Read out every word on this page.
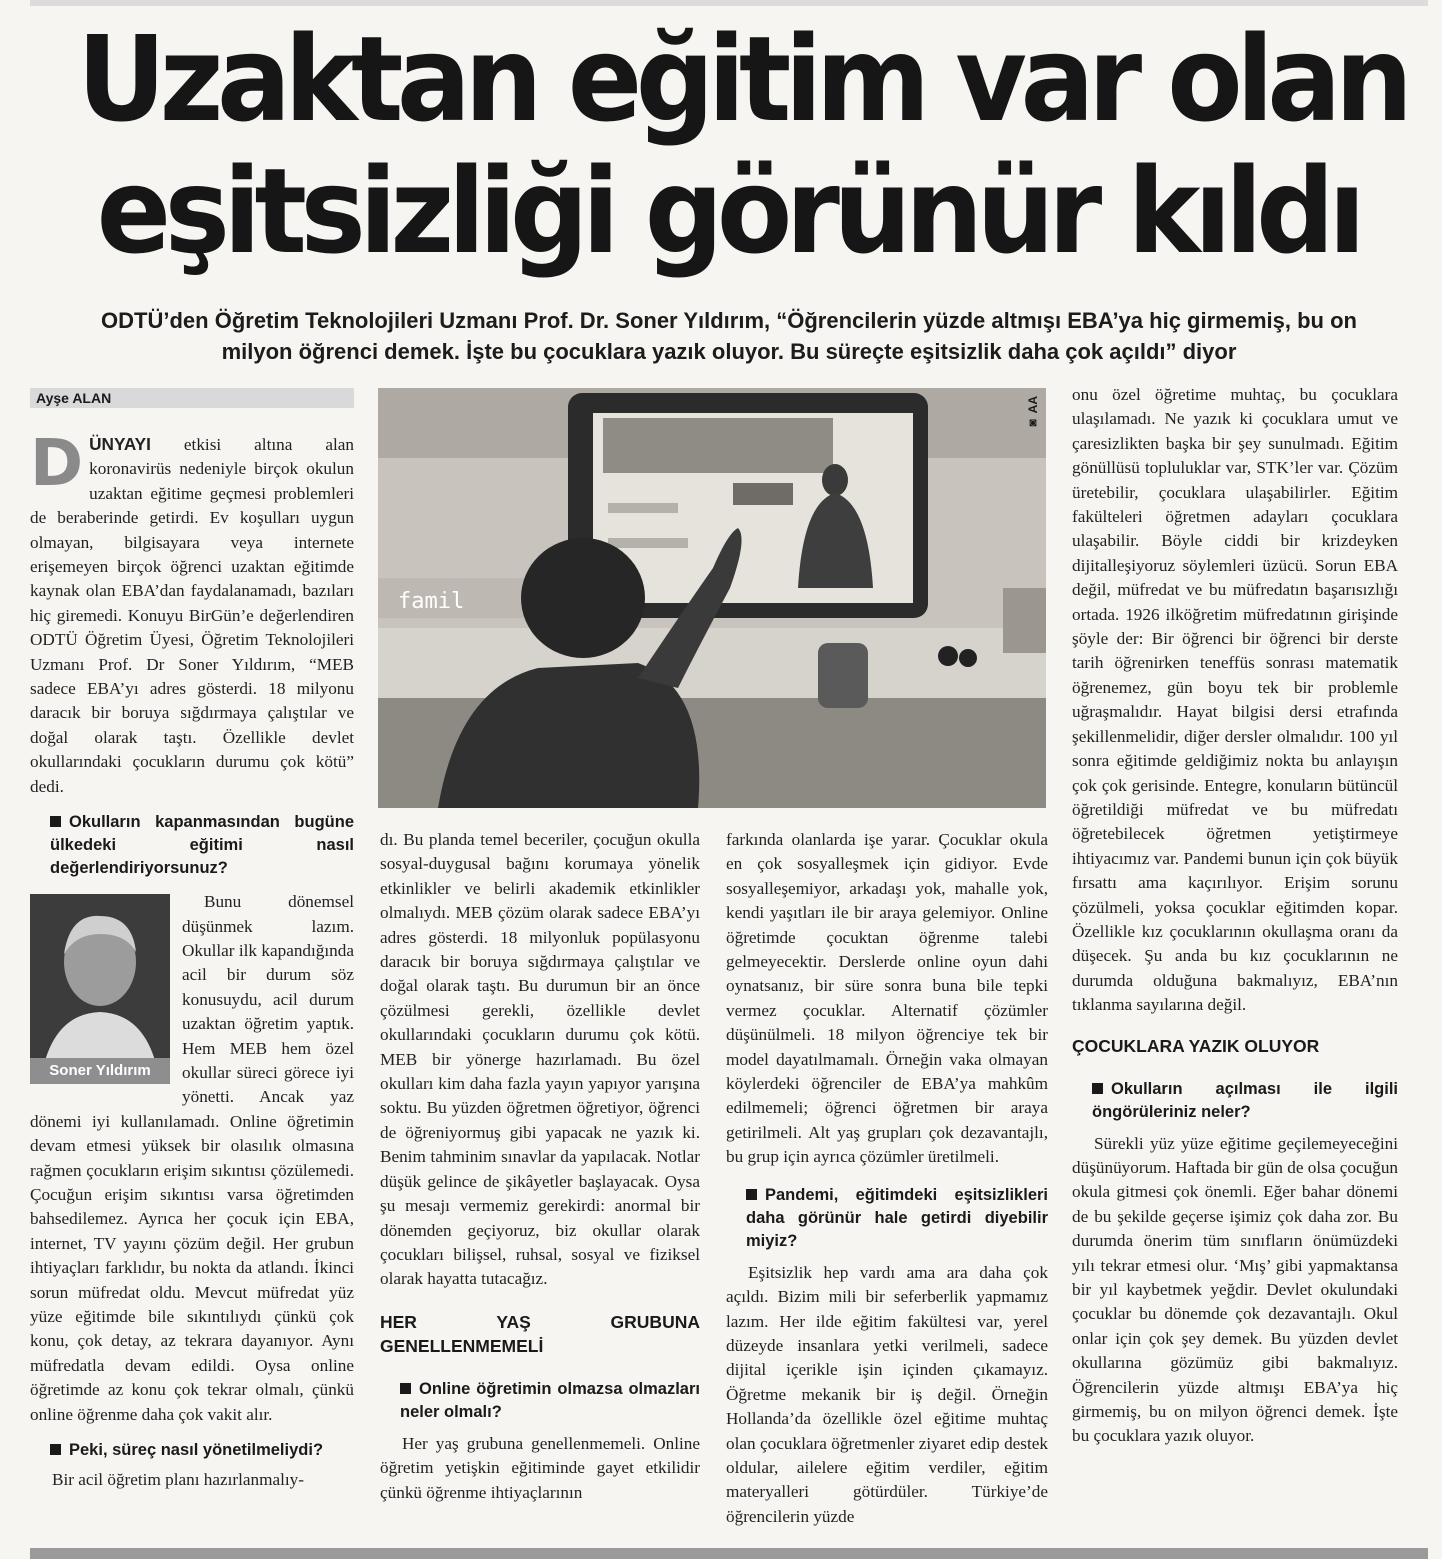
Uzaktan eğitim var olan
eşitsizliği görünür kıldı
ODTÜ’den Öğretim Teknolojileri Uzmanı Prof. Dr. Soner Yıldırım, “Öğrencilerin yüzde altmışı EBA’ya hiç girmemiş, bu on
milyon öğrenci demek. İşte bu çocuklara yazık oluyor. Bu süreçte eşitsizlik daha çok açıldı” diyor
Ayşe ALAN
famil
◙ AA

DÜNYAYI etkisi altına alan koronavirüs nedeniyle birçok okulun uzaktan eğitime geçmesi problemleri de beraberinde getirdi. Ev koşulları uygun olmayan, bilgisayara veya internete erişemeyen birçok öğrenci uzaktan eğitimde kaynak olan EBA’dan faydalanamadı, bazıları hiç giremedi. Konuyu BirGün’e değerlendiren ODTÜ Öğretim Üyesi, Öğretim Teknolojileri Uzmanı Prof. Dr Soner Yıldırım, “MEB sadece EBA’yı adres gösterdi. 18 milyonu daracık bir boruya sığdırmaya çalıştılar ve doğal olarak taştı. Özellikle devlet okullarındaki çocukların durumu çok kötü” dedi.

Okulların kapanmasından bugüne ülkedeki eğitimi nasıl değerlendiriyorsunuz?

Soner Yıldırım

Bunu dönemsel düşünmek lazım. Okullar ilk kapandığında acil bir durum söz konusuydu, acil durum uzaktan öğretim yaptık. Hem MEB hem özel okullar süreci görece iyi yönetti. Ancak yaz dönemi iyi kullanılamadı. Online öğretimin devam etmesi yüksek bir olasılık olmasına rağmen çocukların erişim sıkıntısı çözülemedi. Çocuğun erişim sıkıntısı varsa öğretimden bahsedilemez. Ayrıca her çocuk için EBA, internet, TV yayını çözüm değil. Her grubun ihtiyaçları farklıdır, bu nokta da atlandı. İkinci sorun müfredat oldu. Mevcut müfredat yüz yüze eğitimde bile sıkıntılıydı çünkü çok konu, çok detay, az tekrara dayanıyor. Aynı müfredatla devam edildi. Oysa online öğretimde az konu çok tekrar olmalı, çünkü online öğrenme daha çok vakit alır.

Peki, süreç nasıl yönetilmeliydi?

Bir acil öğretim planı hazırlanmalıy-

dı. Bu planda temel beceriler, çocuğun okulla sosyal-duygusal bağını korumaya yönelik etkinlikler ve belirli akademik etkinlikler olmalıydı. MEB çözüm olarak sadece EBA’yı adres gösterdi. 18 milyonluk popülasyonu daracık bir boruya sığdırmaya çalıştılar ve doğal olarak taştı. Bu durumun bir an önce çözülmesi gerekli, özellikle devlet okullarındaki çocukların durumu çok kötü. MEB bir yönerge hazırlamadı. Bu özel okulları kim daha fazla yayın yapıyor yarışına soktu. Bu yüzden öğretmen öğretiyor, öğrenci de öğreniyormuş gibi yapacak ne yazık ki. Benim tahminim sınavlar da yapılacak. Notlar düşük gelince de şikâyetler başlayacak. Oysa şu mesajı vermemiz gerekirdi: anormal bir dönemden geçiyoruz, biz okullar olarak çocukları bilişsel, ruhsal, sosyal ve fiziksel olarak hayatta tutacağız.

HER YAŞ GRUBUNA GENELLENMEMELİ

Online öğretimin olmazsa olmazları neler olmalı?

Her yaş grubuna genellenmemeli. Online öğretim yetişkin eğitiminde gayet etkilidir çünkü öğrenme ihtiyaçlarının

farkında olanlarda işe yarar. Çocuklar okula en çok sosyalleşmek için gidiyor. Evde sosyalleşemiyor, arkadaşı yok, mahalle yok, kendi yaşıtları ile bir araya gelemiyor. Online öğretimde çocuktan öğrenme talebi gelmeyecektir. Derslerde online oyun dahi oynatsanız, bir süre sonra buna bile tepki vermez çocuklar. Alternatif çözümler düşünülmeli. 18 milyon öğrenciye tek bir model dayatılmamalı. Örneğin vaka olmayan köylerdeki öğrenciler de EBA’ya mahkûm edilmemeli; öğrenci öğretmen bir araya getirilmeli. Alt yaş grupları çok dezavantajlı, bu grup için ayrıca çözümler üretilmeli.

Pandemi, eğitimdeki eşitsizlikleri daha görünür hale getirdi diyebilir miyiz?

Eşitsizlik hep vardı ama ara daha çok açıldı. Bizim mili bir seferberlik yapmamız lazım. Her ilde eğitim fakültesi var, yerel düzeyde insanlara yetki verilmeli, sadece dijital içerikle işin içinden çıkamayız. Öğretme mekanik bir iş değil. Örneğin Hollanda’da özellikle özel eğitime muhtaç olan çocuklara öğretmenler ziyaret edip destek oldular, ailelere eğitim verdiler, eğitim materyalleri götürdüler. Türkiye’de öğrencilerin yüzde

onu özel öğretime muhtaç, bu çocuklara ulaşılamadı. Ne yazık ki çocuklara umut ve çaresizlikten başka bir şey sunulmadı. Eğitim gönüllüsü topluluklar var, STK’ler var. Çözüm üretebilir, çocuklara ulaşabilirler. Eğitim fakülteleri öğretmen adayları çocuklara ulaşabilir. Böyle ciddi bir krizdeyken dijitalleşiyoruz söylemleri üzücü. Sorun EBA değil, müfredat ve bu müfredatın başarısızlığı ortada. 1926 ilköğretim müfredatının girişinde şöyle der: Bir öğrenci bir öğrenci bir derste tarih öğrenirken teneffüs sonrası matematik öğrenemez, gün boyu tek bir problemle uğraşmalıdır. Hayat bilgisi dersi etrafında şekillenmelidir, diğer dersler olmalıdır. 100 yıl sonra eğitimde geldiğimiz nokta bu anlayışın çok çok gerisinde. Entegre, konuların bütüncül öğretildiği müfredat ve bu müfredatı öğretebilecek öğretmen yetiştirmeye ihtiyacımız var. Pandemi bunun için çok büyük fırsattı ama kaçırılıyor. Erişim sorunu çözülmeli, yoksa çocuklar eğitimden kopar. Özellikle kız çocuklarının okullaşma oranı da düşecek. Şu anda bu kız çocuklarının ne durumda olduğuna bakmalıyız, EBA’nın tıklanma sayılarına değil.

ÇOCUKLARA YAZIK OLUYOR

Okulların açılması ile ilgili öngörüleriniz neler?

Sürekli yüz yüze eğitime geçilemeyeceğini düşünüyorum. Haftada bir gün de olsa çocuğun okula gitmesi çok önemli. Eğer bahar dönemi de bu şekilde geçerse işimiz çok daha zor. Bu durumda önerim tüm sınıfların önümüzdeki yılı tekrar etmesi olur. ‘Mış’ gibi yapmaktansa bir yıl kaybetmek yeğdir. Devlet okulundaki çocuklar bu dönemde çok dezavantajlı. Okul onlar için çok şey demek. Bu yüzden devlet okullarına gözümüz gibi bakmalıyız. Öğrencilerin yüzde altmışı EBA’ya hiç girmemiş, bu on milyon öğrenci demek. İşte bu çocuklara yazık oluyor.
